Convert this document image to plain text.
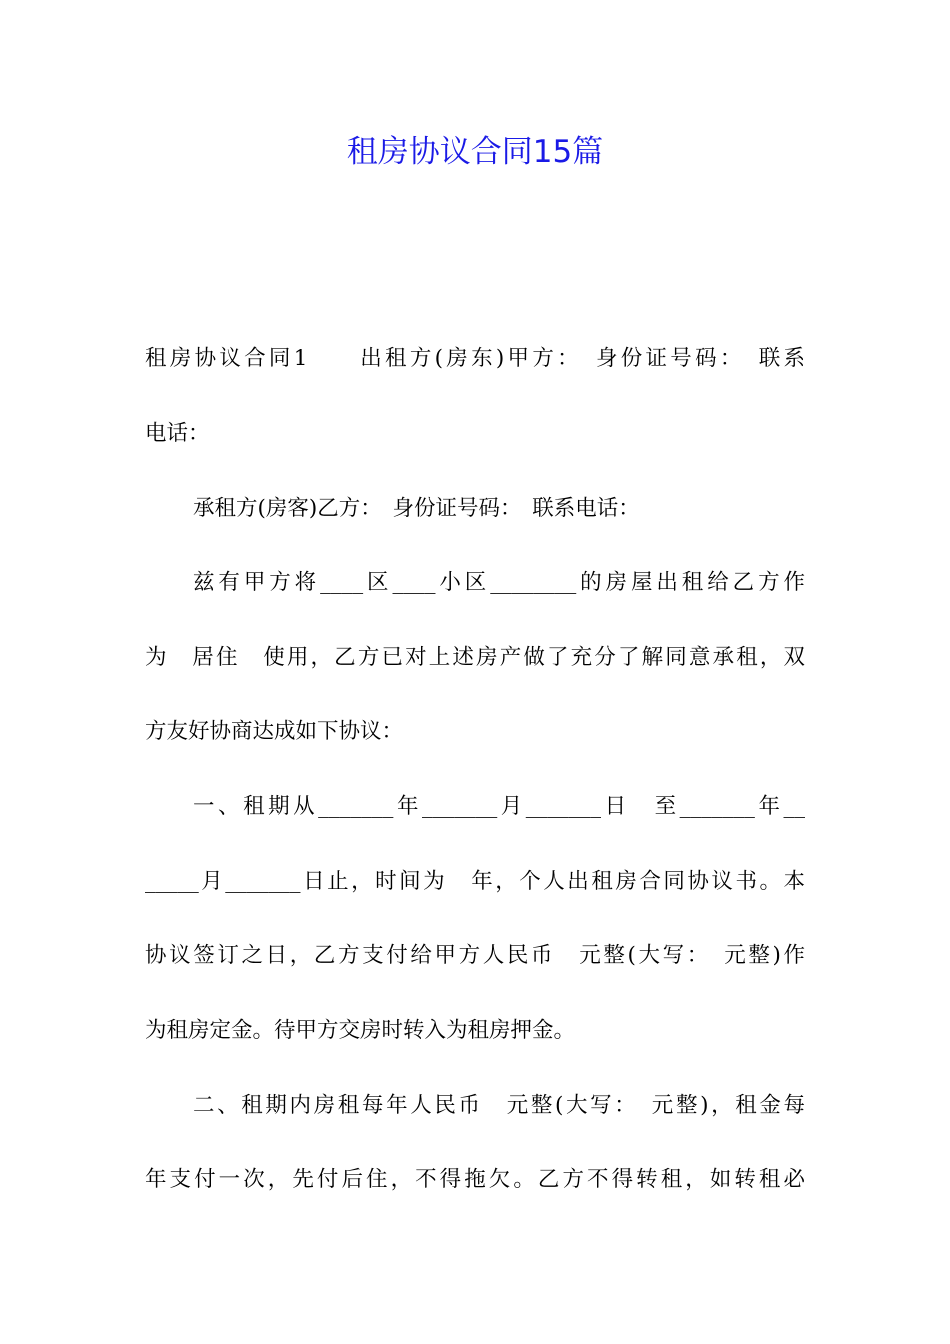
租房协议合同15篇
租房协议合同1　　出租方(房东)甲方：　身份证号码：　联系
电话：
承租方(房客)乙方：　身份证号码：　联系电话：
兹有甲方将____区____小区________的房屋出租给乙方作
为　居住　使用，乙方已对上述房产做了充分了解同意承租，双
方友好协商达成如下协议：
一、租期从_______年_______月_______日　至_______年__
_____月_______日止，时间为　年，个人出租房合同协议书。本
协议签订之日，乙方支付给甲方人民币　元整(大写：　元整)作
为租房定金。待甲方交房时转入为租房押金。
二、租期内房租每年人民币　元整(大写：　元整)，租金每
年支付一次，先付后住，不得拖欠。乙方不得转租，如转租必
